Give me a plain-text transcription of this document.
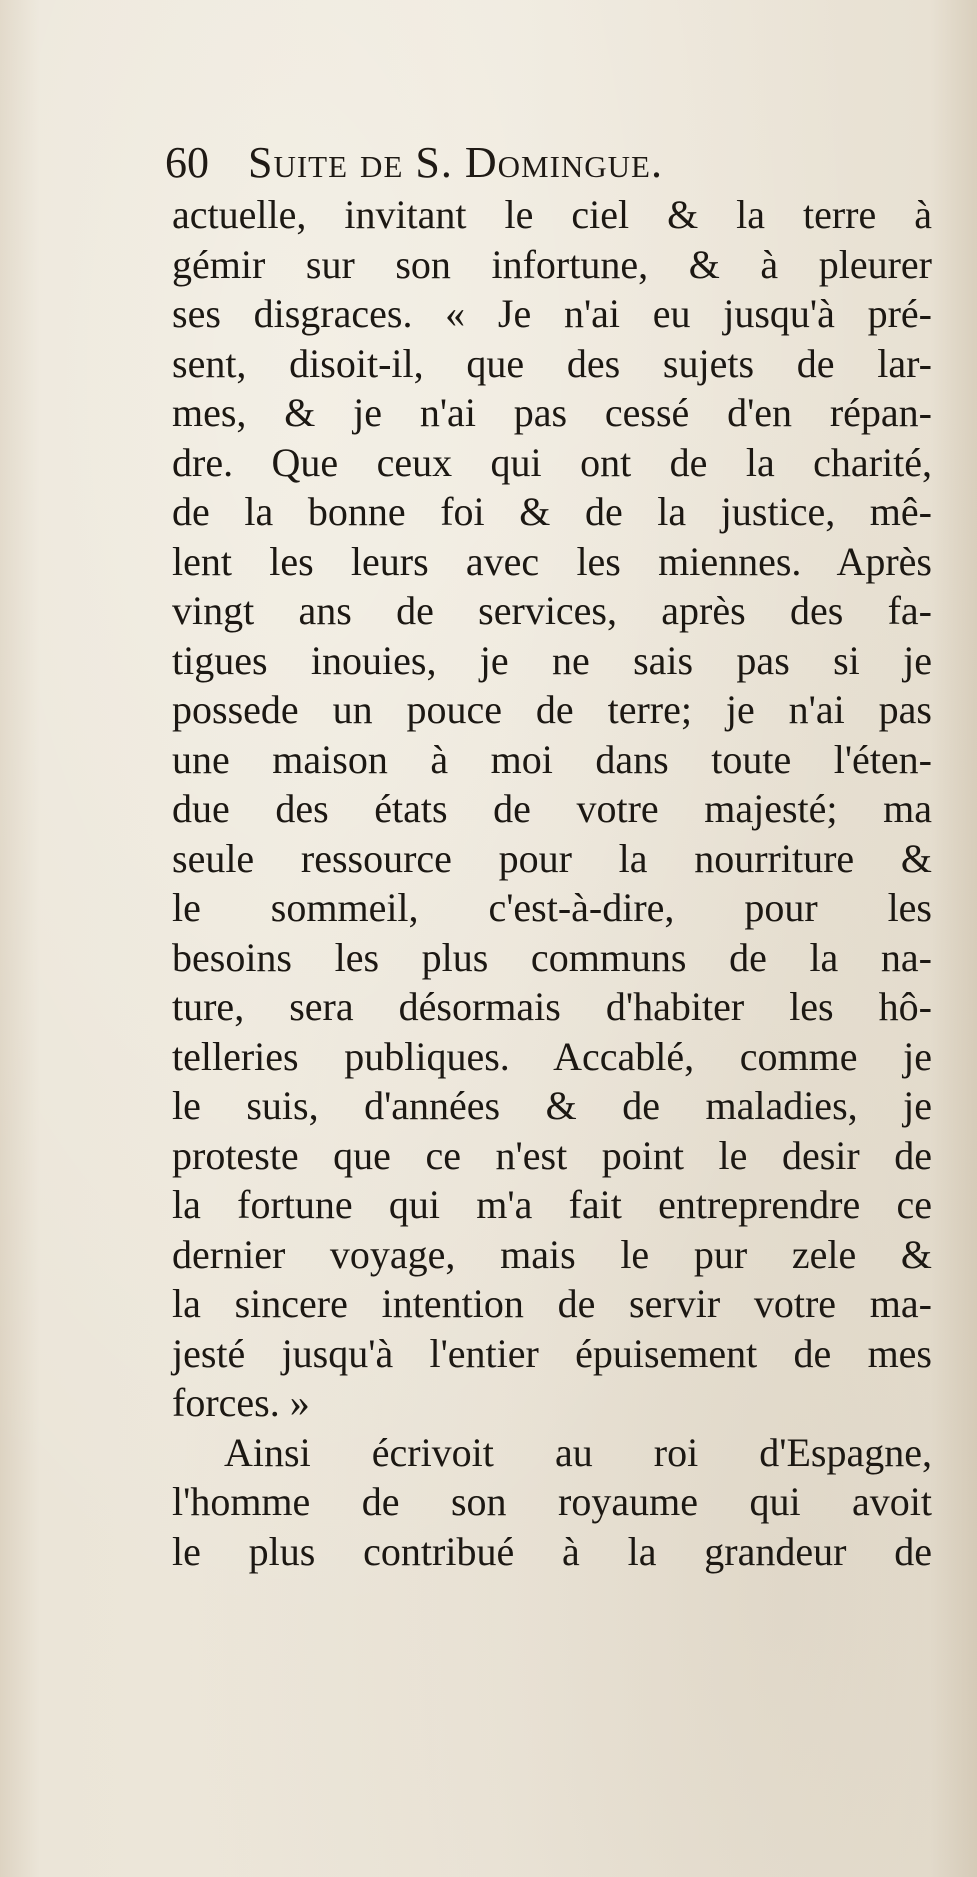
60 Suite de S. Domingue.
actuelle, invitant le ciel & la terre à
gémir sur son infortune, & à pleurer
ses disgraces. « Je n'ai eu jusqu'à pré-
sent, disoit-il, que des sujets de lar-
mes, & je n'ai pas cessé d'en répan-
dre. Que ceux qui ont de la charité,
de la bonne foi & de la justice, mê-
lent les leurs avec les miennes. Après
vingt ans de services, après des fa-
tigues inouies, je ne sais pas si je
possede un pouce de terre; je n'ai pas
une maison à moi dans toute l'éten-
due des états de votre majesté; ma
seule ressource pour la nourriture &
le sommeil, c'est-à-dire, pour les
besoins les plus communs de la na-
ture, sera désormais d'habiter les hô-
telleries publiques. Accablé, comme je
le suis, d'années & de maladies, je
proteste que ce n'est point le desir de
la fortune qui m'a fait entreprendre ce
dernier voyage, mais le pur zele &
la sincere intention de servir votre ma-
jesté jusqu'à l'entier épuisement de mes
forces. »
Ainsi écrivoit au roi d'Espagne,
l'homme de son royaume qui avoit
le plus contribué à la grandeur de
